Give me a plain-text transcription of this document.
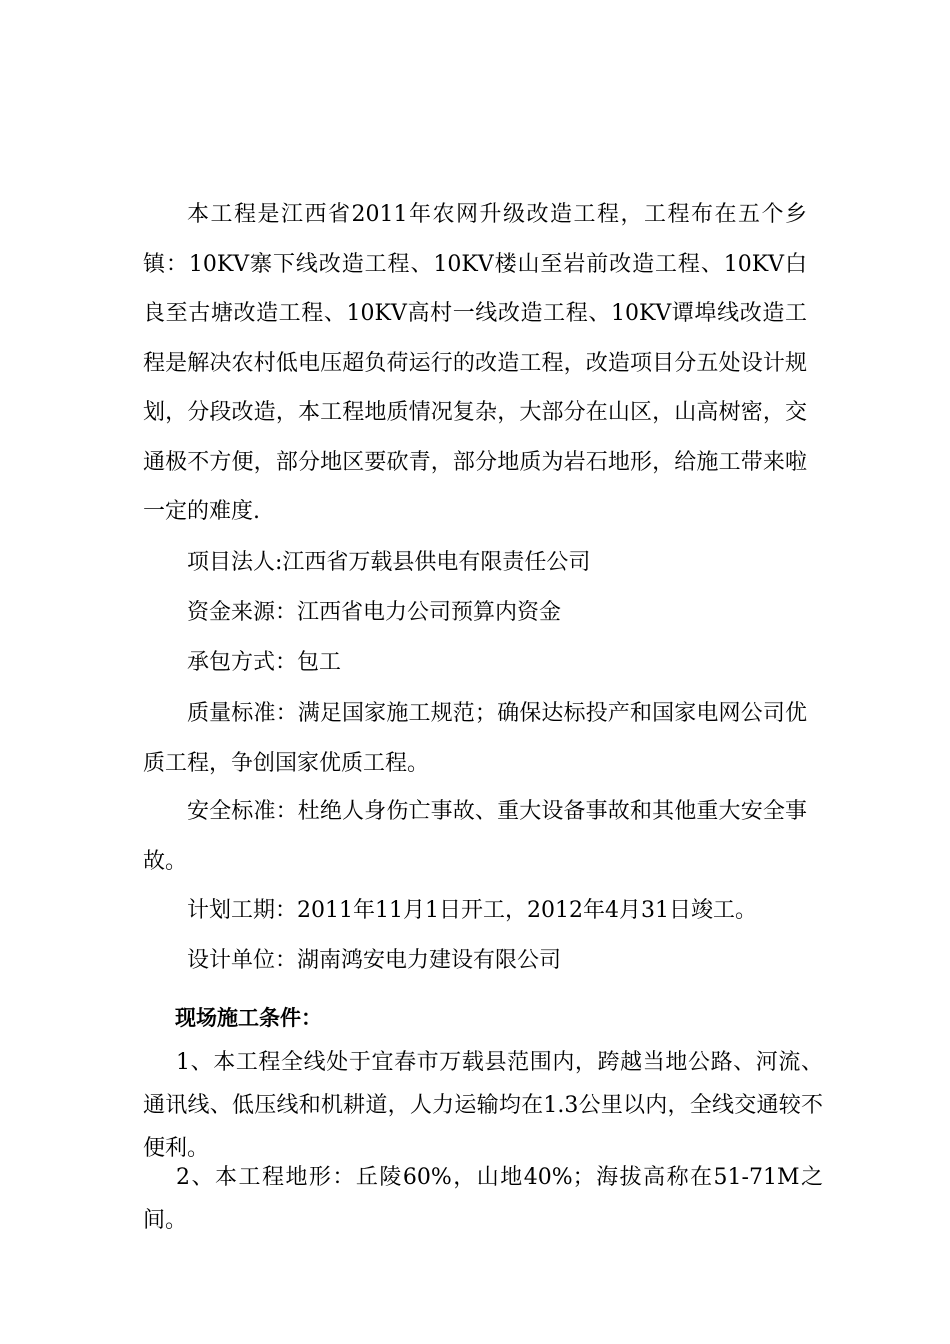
本工程是江西省2011年农网升级改造工程，工程布在五个乡镇：10KV寨下线改造工程、10KV楼山至岩前改造工程、10KV白良至古塘改造工程、10KV高村一线改造工程、10KV谭埠线改造工程是解决农村低电压超负荷运行的改造工程，改造项目分五处设计规划，分段改造，本工程地质情况复杂，大部分在山区，山高树密，交通极不方便，部分地区要砍青，部分地质为岩石地形，给施工带来啦一定的难度.

项目法人:江西省万载县供电有限责任公司

资金来源：江西省电力公司预算内资金

承包方式：包工

质量标准：满足国家施工规范；确保达标投产和国家电网公司优质工程，争创国家优质工程。

安全标准：杜绝人身伤亡事故、重大设备事故和其他重大安全事故。

计划工期：2011年11月1日开工，2012年4月31日竣工。

设计单位：湖南鸿安电力建设有限公司

现场施工条件：

1、本工程全线处于宜春市万载县范围内，跨越当地公路、河流、通讯线、低压线和机耕道，人力运输均在1.3公里以内，全线交通较不便利。

2、本工程地形：丘陵60%，山地40%；海拔高称在51-71M之间。
